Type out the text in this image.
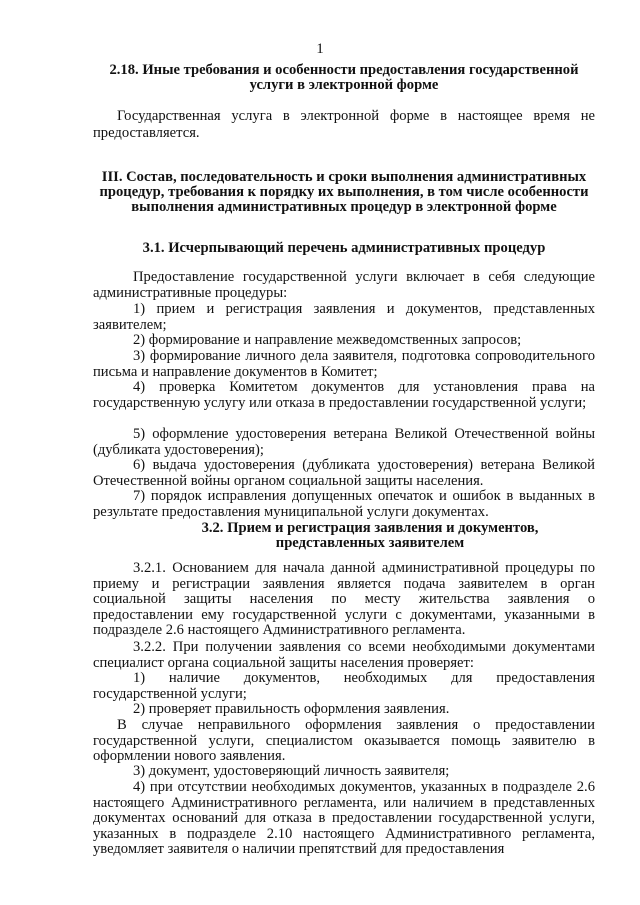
1
2.18. Иные требования и особенности предоставления государственной услуги в электронной форме
Государственная услуга в электронной форме в настоящее время не предоставляется.
III. Состав, последовательность и сроки выполнения административных процедур, требования к порядку их выполнения, в том числе особенности выполнения административных процедур в электронной форме
3.1. Исчерпывающий перечень административных процедур
Предоставление государственной услуги включает в себя следующие административные процедуры:
1) прием и регистрация заявления и документов, представленных заявителем;
2) формирование и направление межведомственных запросов;
3) формирование личного дела заявителя, подготовка сопроводительного письма и направление документов в Комитет;
4) проверка Комитетом документов для установления права на государственную услугу или отказа в предоставлении государственной услуги;
5) оформление удостоверения ветерана Великой Отечественной войны (дубликата удостоверения);
6) выдача удостоверения (дубликата удостоверения) ветерана Великой Отечественной войны органом социальной защиты населения.
7) порядок исправления допущенных опечаток и ошибок в выданных в результате предоставления муниципальной услуги документах.
3.2. Прием и регистрация заявления и документов, представленных заявителем
3.2.1. Основанием для начала данной административной процедуры по приему и регистрации заявления является подача заявителем в орган социальной защиты населения по месту жительства заявления о предоставлении ему государственной услуги с документами, указанными в подразделе 2.6 настоящего Административного регламента.
3.2.2. При получении заявления со всеми необходимыми документами специалист органа социальной защиты населения проверяет:
1) наличие документов, необходимых для предоставления государственной услуги;
2) проверяет правильность оформления заявления.
В случае неправильного оформления заявления о предоставлении государственной услуги, специалистом оказывается помощь заявителю в оформлении нового заявления.
3) документ, удостоверяющий личность заявителя;
4) при отсутствии необходимых документов, указанных в подразделе 2.6 настоящего Административного регламента, или наличием в представленных документах оснований для отказа в предоставлении государственной услуги, указанных в подразделе 2.10 настоящего Административного регламента, уведомляет заявителя о наличии препятствий для предоставления
